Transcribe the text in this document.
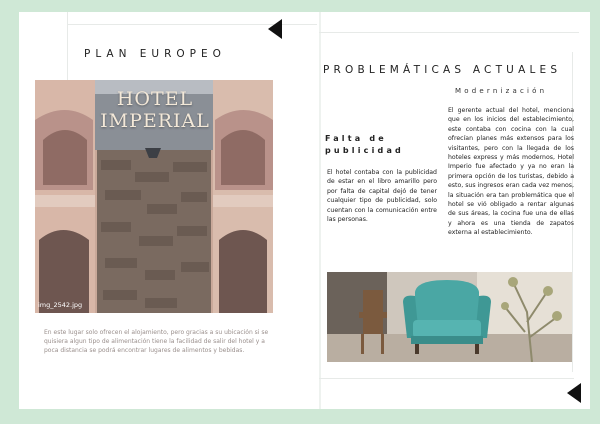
PLAN EUROPEO
HOTEL IMPERIAL
img_2542.jpg
En este lugar solo ofrecen el alojamiento, pero gracias a su ubicación si se quisiera algun tipo de alimentación tiene la facilidad de salir del hotel y a poca distancia se podrá encontrar lugares de alimentos y bebidas.
PROBLEMÁTICAS ACTUALES
Modernización
Falta de publicidad
El hotel contaba con la publicidad de estar en el libro amarillo pero por falta de capital dejó de tener cualquier tipo de publicidad, solo cuentan con la comunicación entre las personas.
El gerente actual del hotel, menciona que en los inicios del establecimiento, este contaba con cocina con la cual ofrecían planes más extensos para los visitantes, pero con la llegada de los hoteles express y más modernos, Hotel Imperio fue afectado y ya no eran la primera opción de los turistas, debido a esto, sus ingresos eran cada vez menos, la situación era tan problemática que el hotel se vió obligado a rentar algunas de sus áreas, la cocina fue una de ellas y ahora es una tienda de zapatos externa al establecimiento.
